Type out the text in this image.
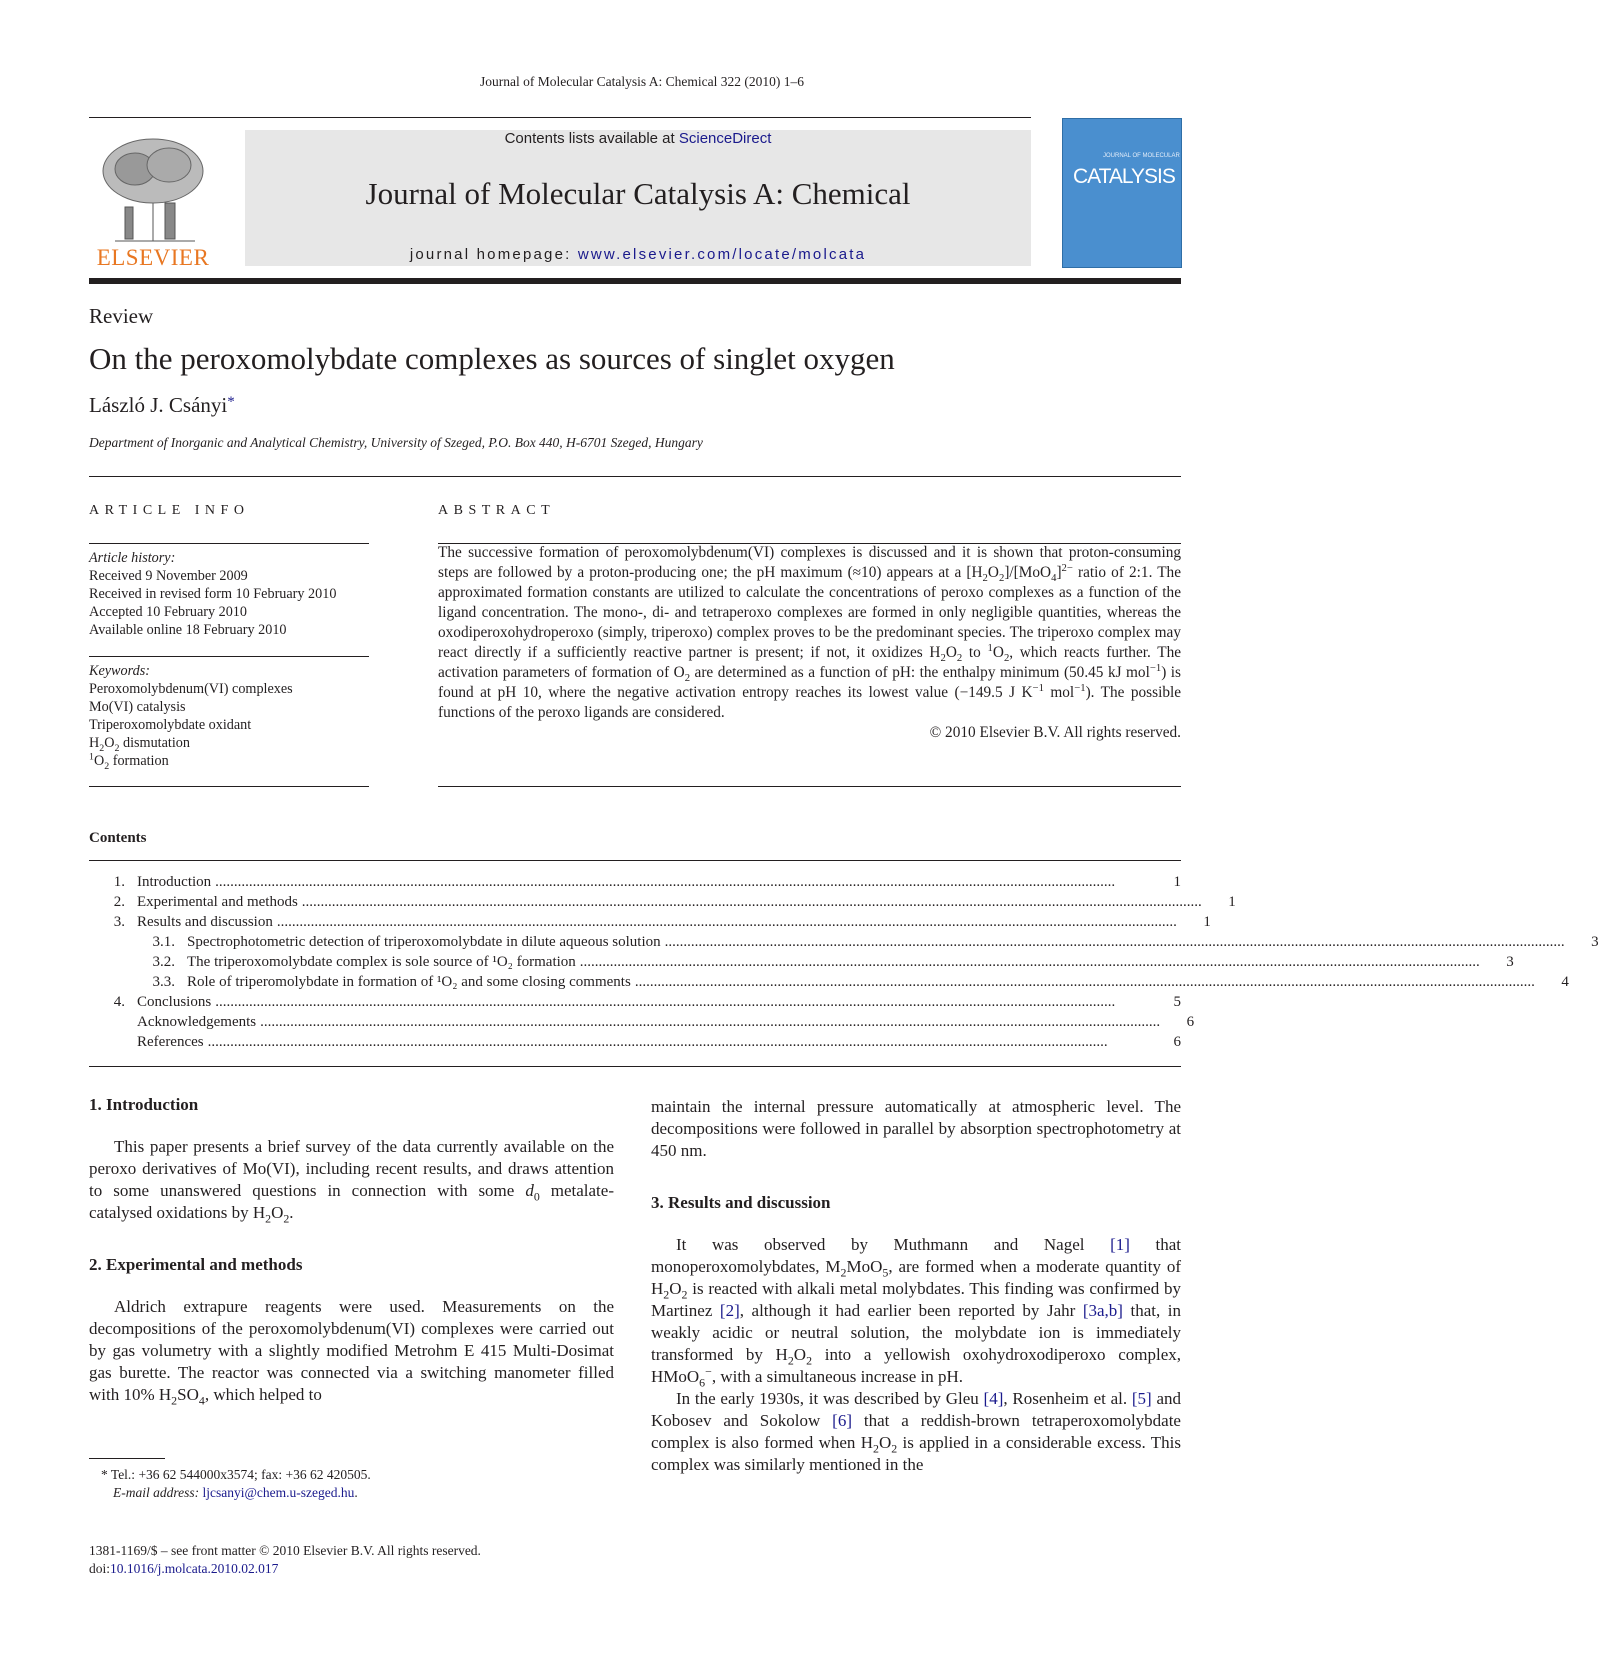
Journal of Molecular Catalysis A: Chemical 322 (2010) 1–6
ELSEVIER
Contents lists available at ScienceDirect
Journal of Molecular Catalysis A: Chemical
journal homepage: www.elsevier.com/locate/molcata
JOURNAL OF MOLECULAR
CATALYSIS
Review
On the peroxomolybdate complexes as sources of singlet oxygen
László J. Csányi*
Department of Inorganic and Analytical Chemistry, University of Szeged, P.O. Box 440, H-6701 Szeged, Hungary
ARTICLE INFO
Article history:
Received 9 November 2009
Received in revised form 10 February 2010
Accepted 10 February 2010
Available online 18 February 2010
Keywords:
Peroxomolybdenum(VI) complexes
Mo(VI) catalysis
Triperoxomolybdate oxidant
$H_2O_2$ dismutation
$^1O_2$ formation
ABSTRACT

The successive formation of peroxomolybdenum(VI) complexes is discussed and it is shown that proton-consuming steps are followed by a proton-producing one; the pH maximum (≈10) appears at a $[H_2O_2]/[MoO_4]^{2-}$ ratio of 2:1. The approximated formation constants are utilized to calculate the concentrations of peroxo complexes as a function of the ligand concentration. The mono-, di- and tetraperoxo complexes are formed in only negligible quantities, whereas the oxodiperoxohydroperoxo (simply, triperoxo) complex proves to be the predominant species. The triperoxo complex may react directly if a sufficiently reactive partner is present; if not, it oxidizes $H_2O_2$ to $^1O_2$, which reacts further. The activation parameters of formation of $O_2$ are determined as a function of pH: the enthalpy minimum (50.45 kJ mol$^{-1}$) is found at pH 10, where the negative activation entropy reaches its lowest value (−149.5 J $K^{-1}$ mol$^{-1}$). The possible functions of the peroxo ligands are considered.

© 2010 Elsevier B.V. All rights reserved.
Contents
1. Introduction ................................................................................................................................................................................................................................................	1
2. Experimental and methods ................................................................................................................................................................................................................................................	1
3. Results and discussion ................................................................................................................................................................................................................................................	1
3.1. Spectrophotometric detection of triperoxomolybdate in dilute aqueous solution ................................................................................................................................................................................................................................................	3
3.2. The triperoxomolybdate complex is sole source of ¹O₂ formation ................................................................................................................................................................................................................................................	3
3.3. Role of triperomolybdate in formation of ¹O₂ and some closing comments ................................................................................................................................................................................................................................................	4
4. Conclusions ................................................................................................................................................................................................................................................	5
Acknowledgements ................................................................................................................................................................................................................................................	6
References ................................................................................................................................................................................................................................................	6
1. Introduction

This paper presents a brief survey of the data currently available on the peroxo derivatives of Mo(VI), including recent results, and draws attention to some unanswered questions in connection with some $d_0$ metalate-catalysed oxidations by $H_2O_2$.

2. Experimental and methods

Aldrich extrapure reagents were used. Measurements on the decompositions of the peroxomolybdenum(VI) complexes were carried out by gas volumetry with a slightly modified Metrohm E 415 Multi-Dosimat gas burette. The reactor was connected via a switching manometer filled with 10% $H_2SO_4$, which helped to

* Tel.: +36 62 544000x3574; fax: +36 62 420505.
E-mail address: ljcsanyi@chem.u-szeged.hu.
1381-1169/$ – see front matter © 2010 Elsevier B.V. All rights reserved.
doi:10.1016/j.molcata.2010.02.017

maintain the internal pressure automatically at atmospheric level. The decompositions were followed in parallel by absorption spectrophotometry at 450 nm.

3. Results and discussion

It was observed by Muthmann and Nagel [1] that monoperoxomolybdates, $M_2MoO_5$, are formed when a moderate quantity of $H_2O_2$ is reacted with alkali metal molybdates. This finding was confirmed by Martinez [2], although it had earlier been reported by Jahr [3a,b] that, in weakly acidic or neutral solution, the molybdate ion is immediately transformed by $H_2O_2$ into a yellowish oxohydroxodiperoxo complex, HMoO$_6$−, with a simultaneous increase in pH.

In the early 1930s, it was described by Gleu [4], Rosenheim et al. [5] and Kobosev and Sokolow [6] that a reddish-brown tetraperoxomolybdate complex is also formed when $H_2O_2$ is applied in a considerable excess. This complex was similarly mentioned in the
